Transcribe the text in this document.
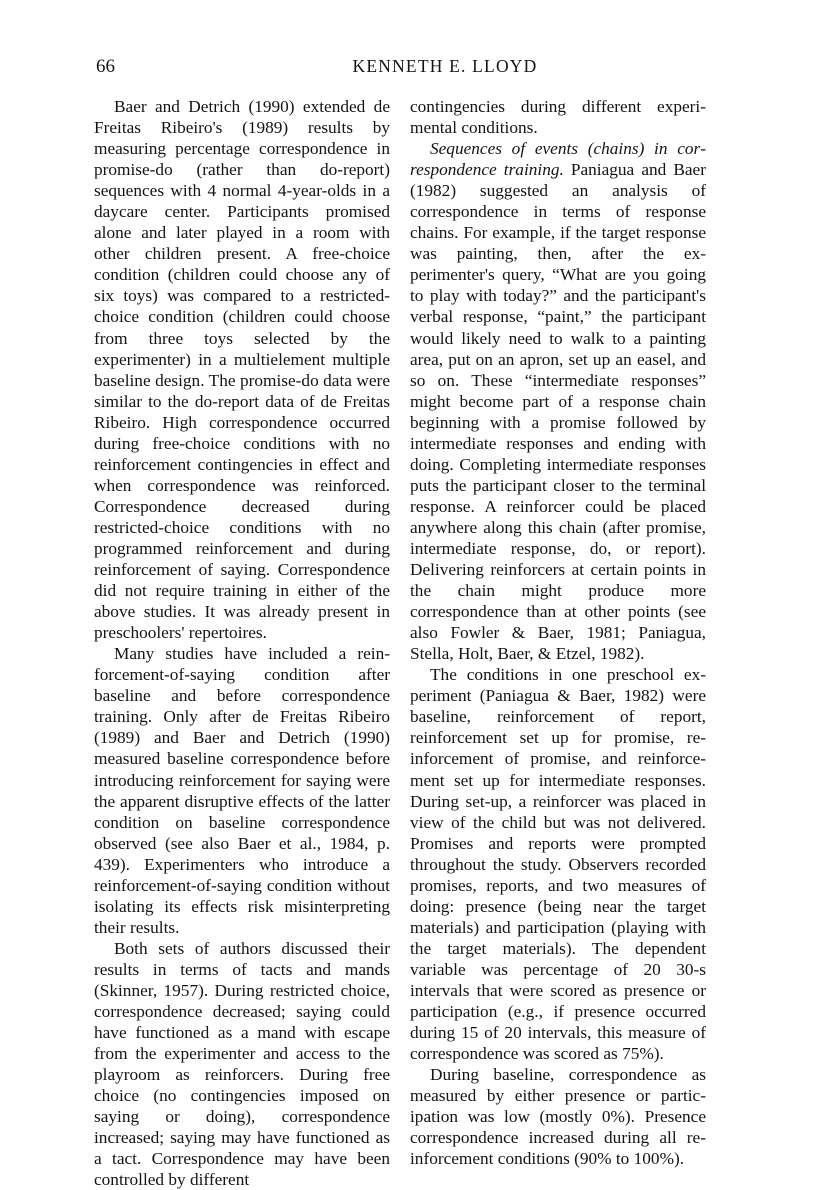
66	KENNETH E. LLOYD

Baer and Detrich (1990) extended de Freitas Ribeiro's (1989) results by measuring percentage correspondence in promise-do (rather than do-report) sequences with 4 normal 4-year-olds in a daycare center. Participants promised alone and later played in a room with other children present. A free-choice condition (children could choose any of six toys) was compared to a restricted-choice condition (children could choose from three toys selected by the experimenter) in a multielement multiple baseline design. The promise-do data were similar to the do-report data of de Freitas Ribeiro. High correspondence occurred during free-choice conditions with no reinforcement contingencies in effect and when correspondence was reinforced. Correspondence decreased during restricted-choice conditions with no programmed reinforcement and during reinforcement of saying. Correspondence did not require training in either of the above studies. It was already present in preschoolers' repertoires.

Many studies have included a reinforcement-of-saying condition after baseline and before correspondence training. Only after de Freitas Ribeiro (1989) and Baer and Detrich (1990) measured baseline correspondence before introducing reinforcement for saying were the apparent disruptive effects of the latter condition on baseline correspondence observed (see also Baer et al., 1984, p. 439). Experimenters who introduce a reinforcement-of-saying condition without isolating its effects risk misinterpreting their results.

Both sets of authors discussed their results in terms of tacts and mands (Skinner, 1957). During restricted choice, correspondence decreased; saying could have functioned as a mand with escape from the experimenter and access to the playroom as reinforcers. During free choice (no contingencies imposed on saying or doing), correspondence increased; saying may have functioned as a tact. Correspondence may have been controlled by different

contingencies during different experimental conditions.

Sequences of events (chains) in correspondence training. Paniagua and Baer (1982) suggested an analysis of correspondence in terms of response chains. For example, if the target response was painting, then, after the experimenter's query, “What are you going to play with today?” and the participant's verbal response, “paint,” the participant would likely need to walk to a painting area, put on an apron, set up an easel, and so on. These “intermediate responses” might become part of a response chain beginning with a promise followed by intermediate responses and ending with doing. Completing intermediate responses puts the participant closer to the terminal response. A reinforcer could be placed anywhere along this chain (after promise, intermediate response, do, or report). Delivering reinforcers at certain points in the chain might produce more correspondence than at other points (see also Fowler & Baer, 1981; Paniagua, Stella, Holt, Baer, & Etzel, 1982).

The conditions in one preschool experiment (Paniagua & Baer, 1982) were baseline, reinforcement of report, reinforcement set up for promise, reinforcement of promise, and reinforcement set up for intermediate responses. During set-up, a reinforcer was placed in view of the child but was not delivered. Promises and reports were prompted throughout the study. Observers recorded promises, reports, and two measures of doing: presence (being near the target materials) and participation (playing with the target materials). The dependent variable was percentage of 20 30-s intervals that were scored as presence or participation (e.g., if presence occurred during 15 of 20 intervals, this measure of correspondence was scored as 75%).

During baseline, correspondence as measured by either presence or participation was low (mostly 0%). Presence correspondence increased during all reinforcement conditions (90% to 100%).
